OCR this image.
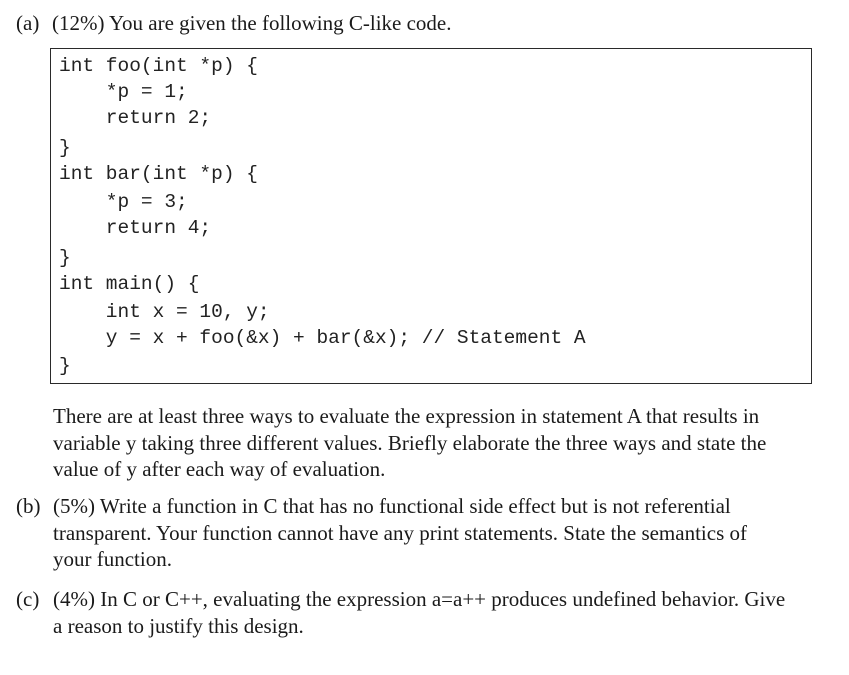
(a) (12%) You are given the following C-like code.
int foo(int *p) {
*p = 1;
return 2;
}
int bar(int *p) {
*p = 3;
return 4;
}
int main() {
int x = 10, y;
y = x + foo(&x) + bar(&x); // Statement A
}
There are at least three ways to evaluate the expression in statement A that results in
variable y taking three different values. Briefly elaborate the three ways and state the
value of y after each way of evaluation.
(b) (5%) Write a function in C that has no functional side effect but is not referential
transparent. Your function cannot have any print statements. State the semantics of
your function.
(c) (4%) In C or C++, evaluating the expression a=a++ produces undefined behavior. Give
a reason to justify this design.
